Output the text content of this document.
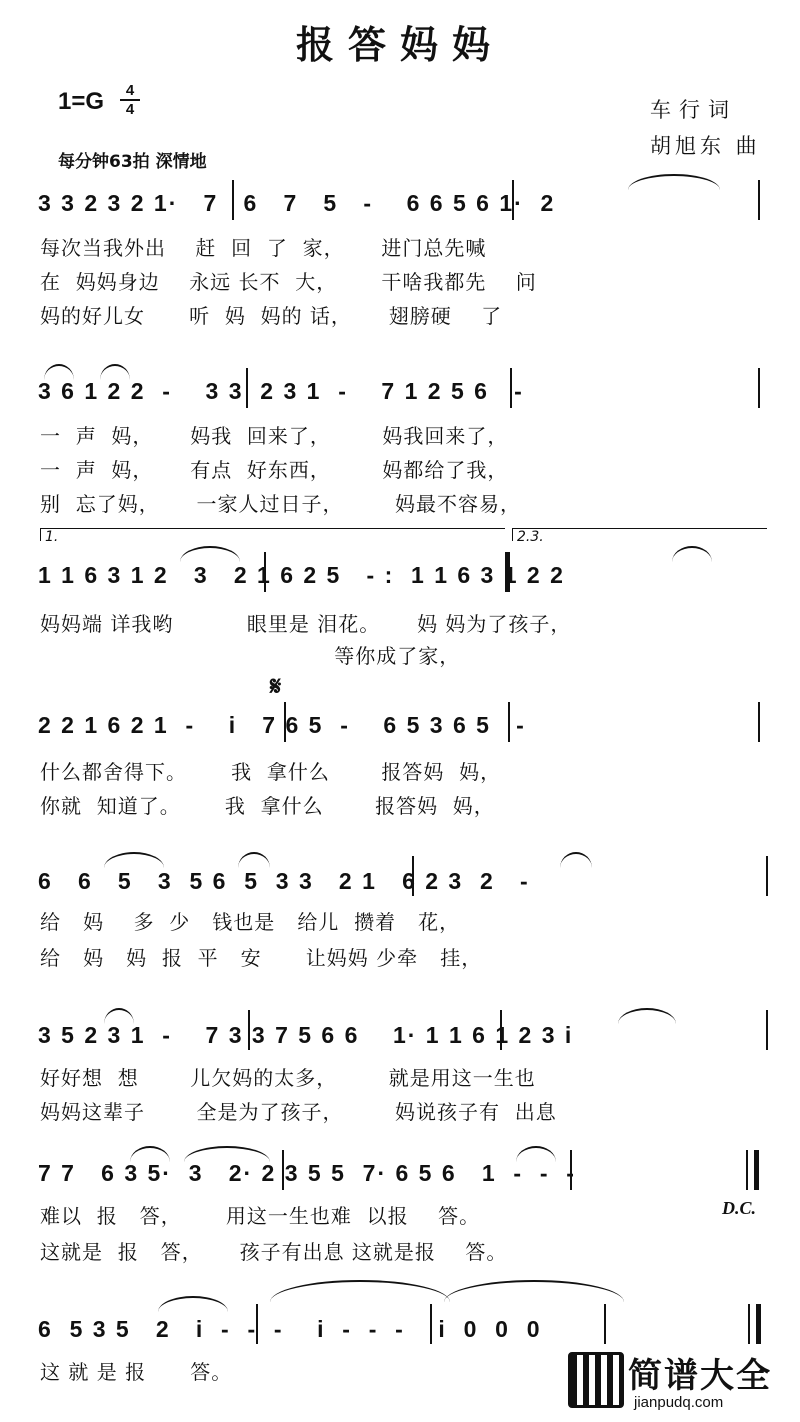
报答妈妈
1=G	4
4	车行词
胡旭东 曲
每分钟63拍 深情地
3 3 2 3 2 1·   7   6   7   5   -    6 6 5 6 1·  2
每次当我外出    赶  回  了  家，     进门总先喊
在  妈妈身边    永远 长不  大，      干啥我都先    问
妈的好儿女      听  妈  妈的 话，     翅膀硬    了
3 6 1 2 2  -    3 3  2 3 1  -    7 1 2 5 6   -
一  声  妈，     妈我  回来了，       妈我回来了，
一  声  妈，     有点  好东西，       妈都给了我，
别  忘了妈，     一家人过日子，       妈最不容易，
1.	2.3.
1 1 6 3 1 2   3   2 1 6 2 5   - :  1 1 6 3 1 2 2
妈妈端 详我哟          眼里是 泪花。     妈 妈为了孩子，
等你成了家，
𝄋
2 2 1 6 2 1  -    i   7 6 5  -    6 5 3 6 5   -
什么都舍得下。      我  拿什么       报答妈  妈，
你就  知道了。      我  拿什么       报答妈  妈，
6   6   5   3  5 6  5  3 3   2 1   6 2 3  2   -
给   妈    多  少   钱也是   给儿  攒着   花，
给   妈   妈  报  平   安      让妈妈 少牵   挂，
3 5 2 3 1  -    7 3 3 7 5 6 6    1· 1 1 6 1 2 3 i
好好想  想       儿欠妈的太多，       就是用这一生也
妈妈这辈子       全是为了孩子，       妈说孩子有  出息
7 7   6 3 5·  3   2· 2 3 5 5  7· 6 5 6   1  -  -  -
D.C.
难以  报   答，      用这一生也难  以报    答。
这就是  报   答，     孩子有出息 这就是报    答。
6  5 3 5   2   i  -  -  -    i  -  -  -    i  0  0  0
这 就 是 报      答。	简谱大全
jianpudq.com
